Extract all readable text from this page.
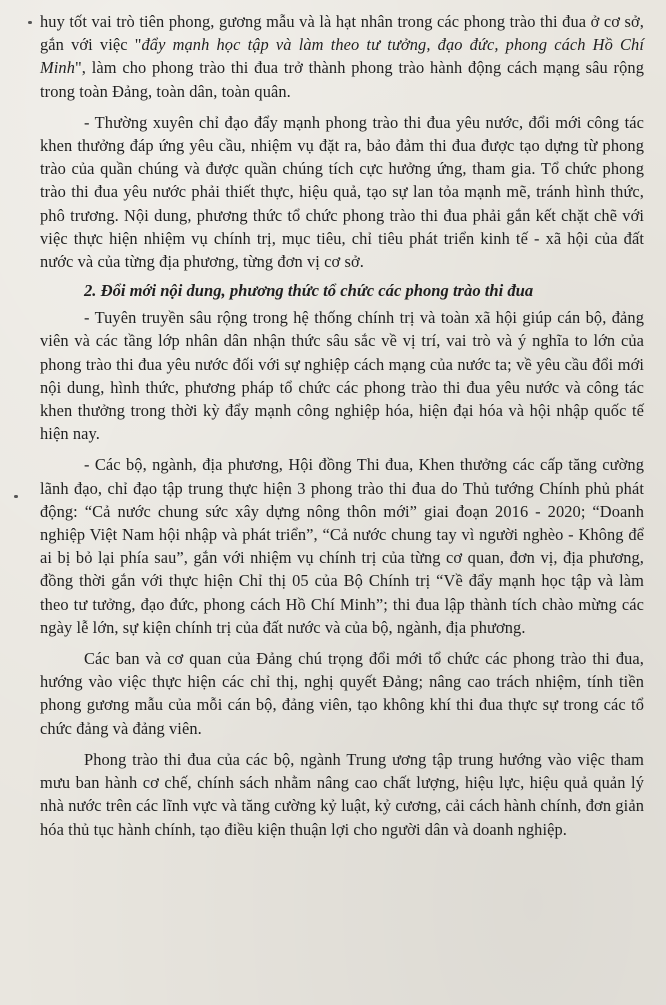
huy tốt vai trò tiên phong, gương mẫu và là hạt nhân trong các phong trào thi đua ở cơ sở, gắn với việc "đẩy mạnh học tập và làm theo tư tưởng, đạo đức, phong cách Hồ Chí Minh", làm cho phong trào thi đua trở thành phong trào hành động cách mạng sâu rộng trong toàn Đảng, toàn dân, toàn quân.

- Thường xuyên chỉ đạo đẩy mạnh phong trào thi đua yêu nước, đổi mới công tác khen thưởng đáp ứng yêu cầu, nhiệm vụ đặt ra, bảo đảm thi đua được tạo dựng từ phong trào của quần chúng và được quần chúng tích cực hưởng ứng, tham gia. Tổ chức phong trào thi đua yêu nước phải thiết thực, hiệu quả, tạo sự lan tỏa mạnh mẽ, tránh hình thức, phô trương. Nội dung, phương thức tổ chức phong trào thi đua phải gắn kết chặt chẽ với việc thực hiện nhiệm vụ chính trị, mục tiêu, chỉ tiêu phát triển kinh tế - xã hội của đất nước và của từng địa phương, từng đơn vị cơ sở.

2. Đổi mới nội dung, phương thức tổ chức các phong trào thi đua

- Tuyên truyền sâu rộng trong hệ thống chính trị và toàn xã hội giúp cán bộ, đảng viên và các tầng lớp nhân dân nhận thức sâu sắc về vị trí, vai trò và ý nghĩa to lớn của phong trào thi đua yêu nước đối với sự nghiệp cách mạng của nước ta; về yêu cầu đổi mới nội dung, hình thức, phương pháp tổ chức các phong trào thi đua yêu nước và công tác khen thưởng trong thời kỳ đẩy mạnh công nghiệp hóa, hiện đại hóa và hội nhập quốc tế hiện nay.

- Các bộ, ngành, địa phương, Hội đồng Thi đua, Khen thưởng các cấp tăng cường lãnh đạo, chỉ đạo tập trung thực hiện 3 phong trào thi đua do Thủ tướng Chính phủ phát động: “Cả nước chung sức xây dựng nông thôn mới” giai đoạn 2016 - 2020; “Doanh nghiệp Việt Nam hội nhập và phát triển”, “Cả nước chung tay vì người nghèo - Không để ai bị bỏ lại phía sau”, gắn với nhiệm vụ chính trị của từng cơ quan, đơn vị, địa phương, đồng thời gắn với thực hiện Chỉ thị 05 của Bộ Chính trị “Về đẩy mạnh học tập và làm theo tư tưởng, đạo đức, phong cách Hồ Chí Minh”; thi đua lập thành tích chào mừng các ngày lễ lớn, sự kiện chính trị của đất nước và của bộ, ngành, địa phương.

Các ban và cơ quan của Đảng chú trọng đổi mới tổ chức các phong trào thi đua, hướng vào việc thực hiện các chỉ thị, nghị quyết Đảng; nâng cao trách nhiệm, tính tiền phong gương mẫu của mỗi cán bộ, đảng viên, tạo không khí thi đua thực sự trong các tổ chức đảng và đảng viên.

Phong trào thi đua của các bộ, ngành Trung ương tập trung hướng vào việc tham mưu ban hành cơ chế, chính sách nhằm nâng cao chất lượng, hiệu lực, hiệu quả quản lý nhà nước trên các lĩnh vực và tăng cường kỷ luật, kỷ cương, cải cách hành chính, đơn giản hóa thủ tục hành chính, tạo điều kiện thuận lợi cho người dân và doanh nghiệp.
